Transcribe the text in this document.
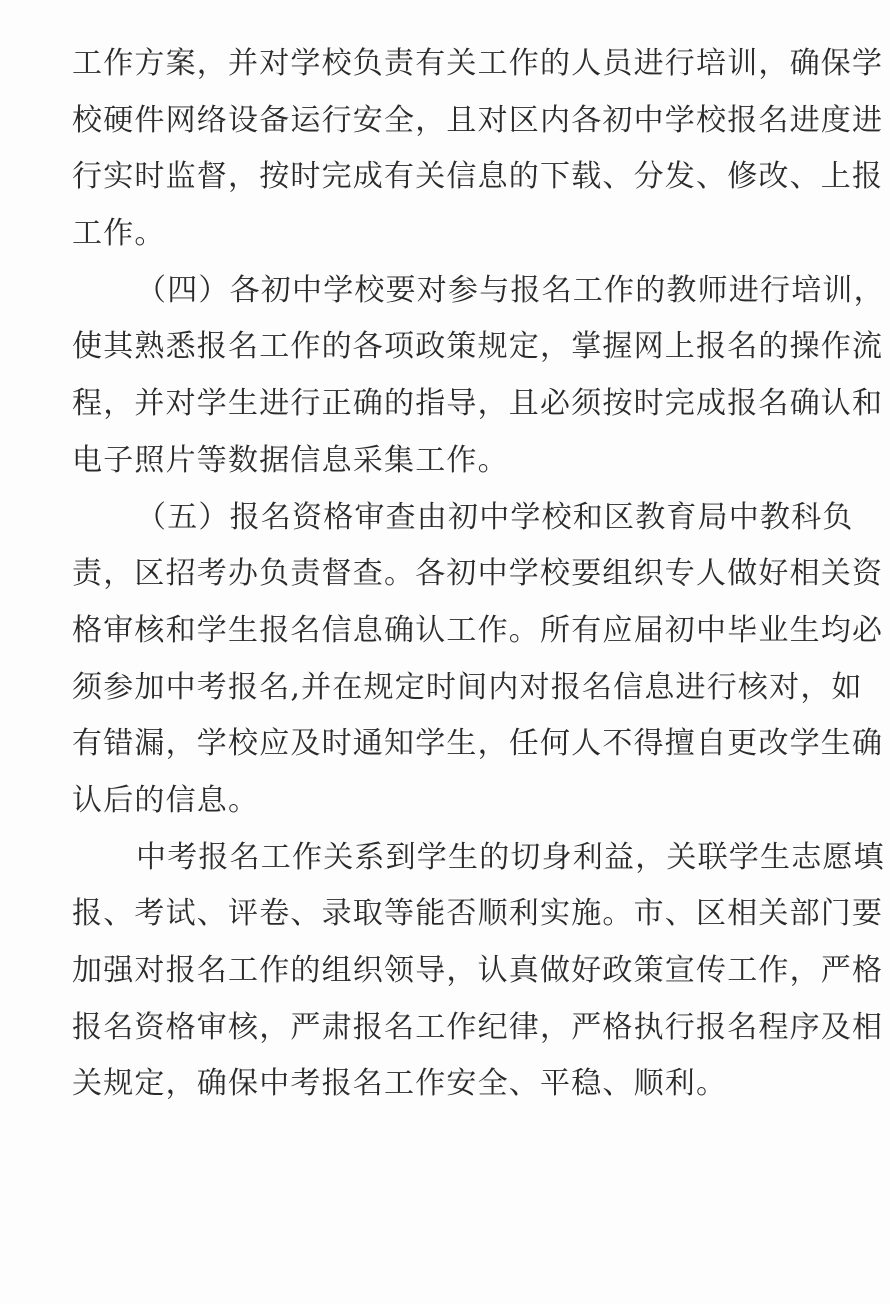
工作方案，并对学校负责有关工作的人员进行培训，确保学
校硬件网络设备运行安全，且对区内各初中学校报名进度进
行实时监督，按时完成有关信息的下载、分发、修改、上报
工作。
（四）各初中学校要对参与报名工作的教师进行培训，
使其熟悉报名工作的各项政策规定，掌握网上报名的操作流
程，并对学生进行正确的指导，且必须按时完成报名确认和
电子照片等数据信息采集工作。
（五）报名资格审查由初中学校和区教育局中教科负
责，区招考办负责督查。各初中学校要组织专人做好相关资
格审核和学生报名信息确认工作。所有应届初中毕业生均必
须参加中考报名,并在规定时间内对报名信息进行核对，如
有错漏，学校应及时通知学生，任何人不得擅自更改学生确
认后的信息。
中考报名工作关系到学生的切身利益，关联学生志愿填
报、考试、评卷、录取等能否顺利实施。市、区相关部门要
加强对报名工作的组织领导，认真做好政策宣传工作，严格
报名资格审核，严肃报名工作纪律，严格执行报名程序及相
关规定，确保中考报名工作安全、平稳、顺利。
